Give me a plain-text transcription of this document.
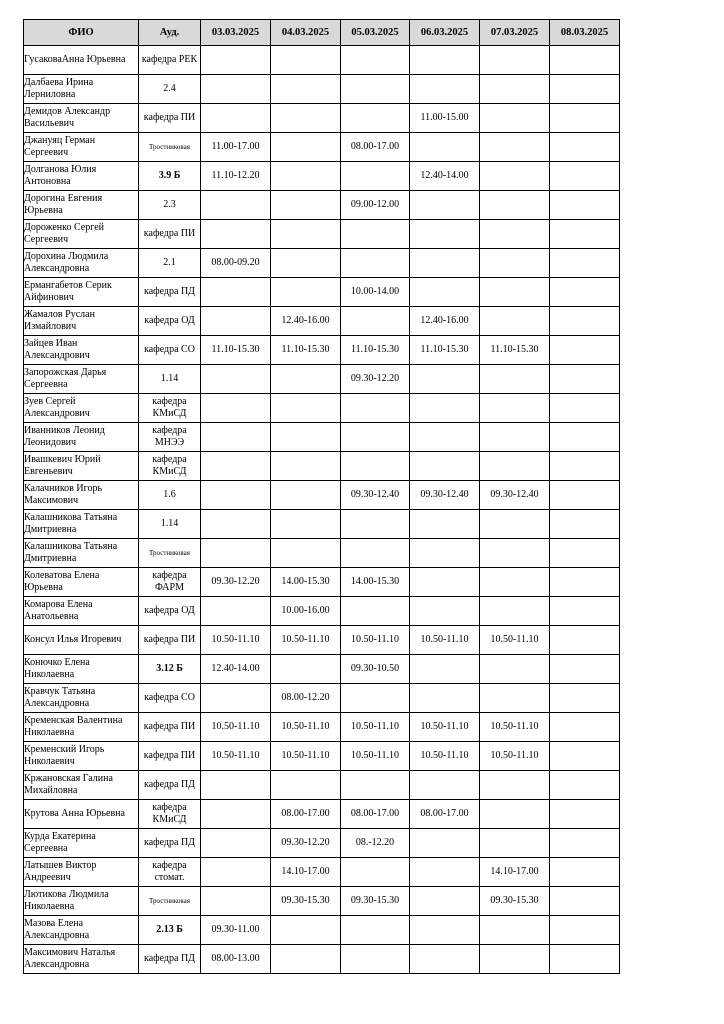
ФИО	Ауд.	03.03.2025	04.03.2025	05.03.2025	06.03.2025	07.03.2025	08.03.2025
ГусаковаАнна Юрьевна	кафедра РЕК						
Далбаева Ирина Лерниловна	2.4						
Демидов Александр Васильевич	кафедра ПИ				11.00-15.00		
Джануяц Герман Сергеевич	Тростниковая	11.00-17.00		08.00-17.00			
Долганова Юлия Антоновна	3.9 Б	11.10-12.20			12.40-14.00		
Дорогина Евгения Юрьевна	2.3			09.00-12.00			
Дороженко Сергей Сергеевич	кафедра ПИ						
Дорохина Людмила Александровна	2.1	08.00-09.20					
Ермангабетов Серик Айфинович	кафедра ПД			10.00-14.00			
Жамалов Руслан Измайлович	кафедра ОД		12.40-16.00		12.40-16.00		
Зайцев Иван Александрович	кафедра СО	11.10-15.30	11.10-15.30	11.10-15.30	11.10-15.30	11.10-15.30	
Запорожская Дарья Сергеевна	1.14			09.30-12.20			
Зуев Сергей Александрович	кафедра КМиСД						
Иванников Леонид Леонидович	кафедра МНЭЭ						
Ивашкевич Юрий Евгеньевич	кафедра КМиСД						
Калачников Игорь Максимович	1.6			09.30-12.40	09.30-12.40	09.30-12.40	
Калашникова Татьяна Дмитриевна	1.14						
Калашникова Татьяна Дмитриевна	Тростниковая						
Колеватова Елена Юрьевна	кафедра ФАРМ	09.30-12.20	14.00-15.30	14.00-15.30			
Комарова Елена Анатольевна	кафедра ОД		10.00-16.00				
Консул Илья Игоревич	кафедра ПИ	10.50-11.10	10.50-11.10	10.50-11.10	10.50-11.10	10.50-11.10	
Конючко Елена Николаевна	3.12 Б	12.40-14.00		09.30-10.50			
Кравчук Татьяна Александровна	кафедра СО		08.00-12.20				
Кременская Валентина Николаевна	кафедра ПИ	10.50-11.10	10.50-11.10	10.50-11.10	10.50-11.10	10.50-11.10	
Кременский Игорь Николаевич	кафедра ПИ	10.50-11.10	10.50-11.10	10.50-11.10	10.50-11.10	10.50-11.10	
Кржановская Галина Михайловна	кафедра ПД						
Крутова Анна Юрьевна	кафедра КМиСД		08.00-17.00	08.00-17.00	08.00-17.00		
Курда Екатерина Сергеевна	кафедра ПД		09.30-12.20	08.-12.20			
Латышев Виктор Андреевич	кафедра стомат.		14.10-17.00			14.10-17.00	
Лютикова Людмила Николаевна	Тростниковая		09.30-15.30	09.30-15.30		09.30-15.30	
Мазова Елена Александровна	2.13 Б	09.30-11.00					
Максимович Наталья Александровна	кафедра ПД	08.00-13.00					
